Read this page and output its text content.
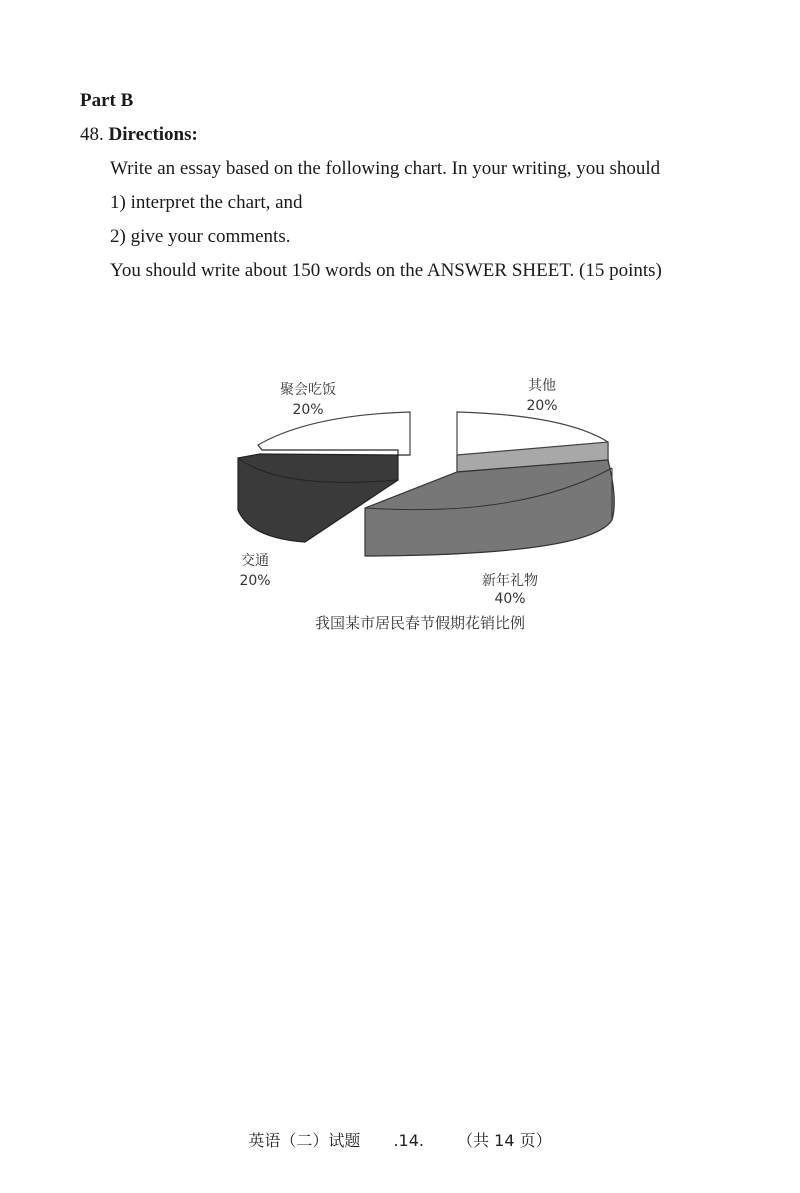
Part B
48. Directions:
Write an essay based on the following chart. In your writing, you should
1) interpret the chart, and
2) give your comments.
You should write about 150 words on the ANSWER SHEET. (15 points)
聚会吃饭
20%
其他
20%
交通
20%	新年礼物
40%
我国某市居民春节假期花销比例
英语（二）试题 .14. （共 14 页）
